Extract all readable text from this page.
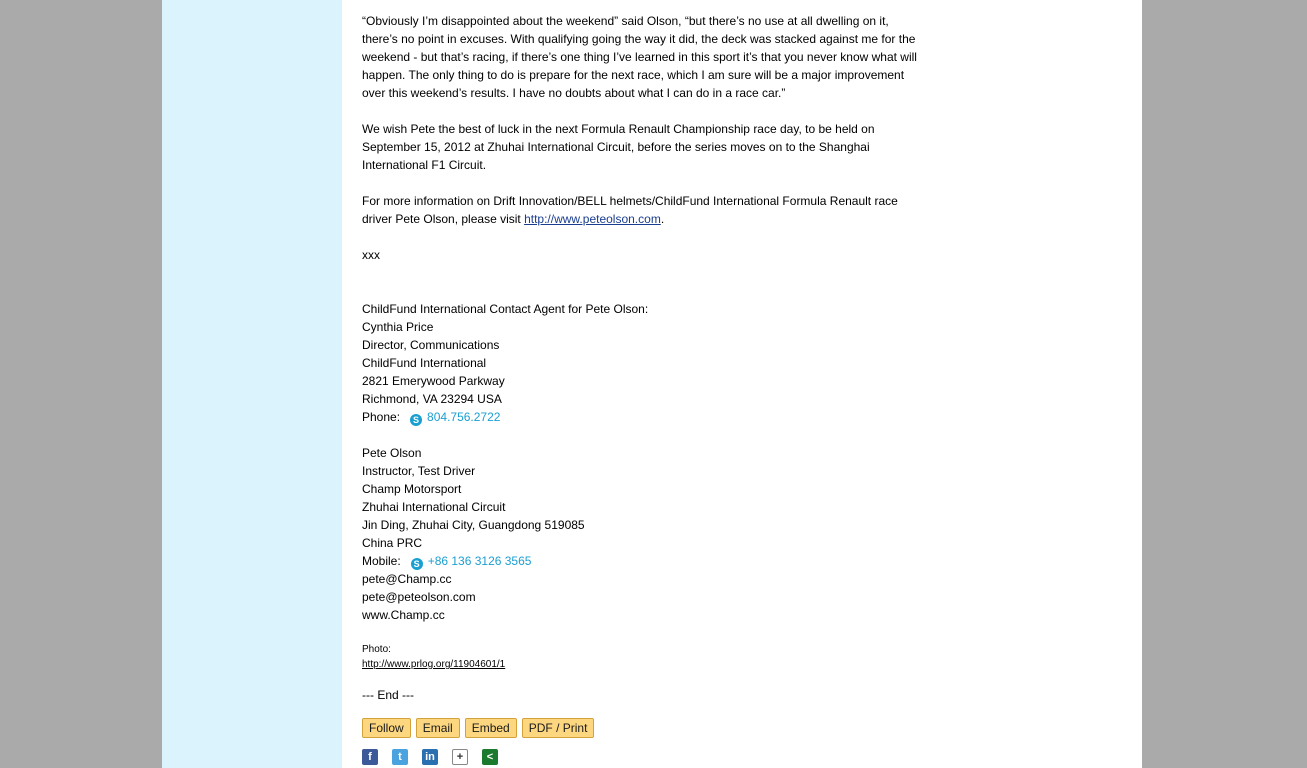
“Obviously I’m disappointed about the weekend” said Olson, “but there’s no use at all dwelling on it, there’s no point in excuses. With qualifying going the way it did, the deck was stacked against me for the weekend - but that’s racing, if there’s one thing I’ve learned in this sport it’s that you never know what will happen. The only thing to do is prepare for the next race, which I am sure will be a major improvement over this weekend’s results. I have no doubts about what I can do in a race car.”

We wish Pete the best of luck in the next Formula Renault Championship race day, to be held on September 15, 2012 at Zhuhai International Circuit, before the series moves on to the Shanghai International F1 Circuit.

For more information on Drift Innovation/BELL helmets/ChildFund International Formula Renault race driver Pete Olson, please visit http://www.peteolson.com.

xxx

ChildFund International Contact Agent for Pete Olson:
Cynthia Price
Director, Communications
ChildFund International
2821 Emerywood Parkway
Richmond, VA 23294 USA
Phone: S 804.756.2722
Pete Olson
Instructor, Test Driver
Champ Motorsport
Zhuhai International Circuit
Jin Ding, Zhuhai City, Guangdong 519085
China PRC
Mobile: S +86 136 3126 3565
pete@Champ.cc
pete@peteolson.com
www.Champ.cc
Photo:
http://www.prlog.org/11904601/1
--- End ---
Follow	Email	Embed	PDF / Print
f	t	in	+	<
